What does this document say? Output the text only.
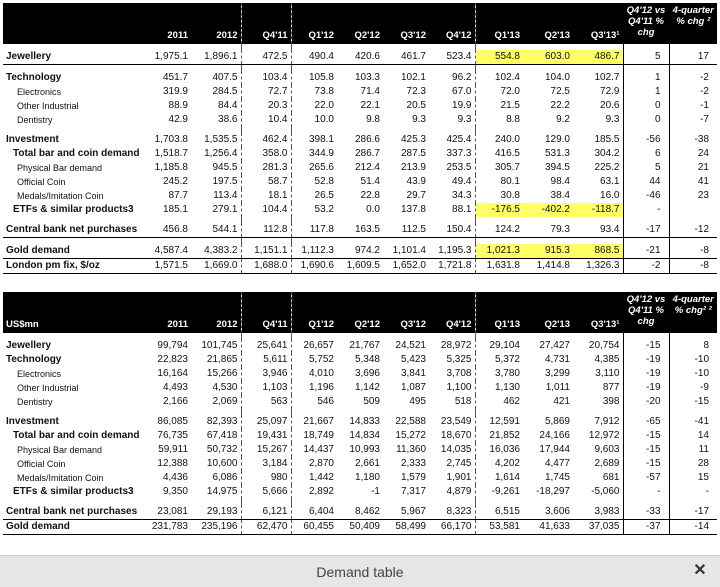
	2011	2012	Q4'11	Q1'12	Q2'12	Q3'12	Q4'12	Q1'13	Q2'13	Q3'13¹	Q4'12 vs Q4'11 % chg	4-quarter % chg ²

Jewellery	1,975.1	1,896.1	472.5	490.4	420.6	461.7	523.4	554.8	603.0	486.7	5	17

Technology	451.7	407.5	103.4	105.8	103.3	102.1	96.2	102.4	104.0	102.7	1	-2
Electronics	319.9	284.5	72.7	73.8	71.4	72.3	67.0	72.0	72.5	72.9	1	-2
Other Industrial	88.9	84.4	20.3	22.0	22.1	20.5	19.9	21.5	22.2	20.6	0	-1
Dentistry	42.9	38.6	10.4	10.0	9.8	9.3	9.3	8.8	9.2	9.3	0	-7

Investment	1,703.8	1,535.5	462.4	398.1	286.6	425.3	425.4	240.0	129.0	185.5	-56	-38
Total bar and coin demand	1,518.7	1,256.4	358.0	344.9	286.7	287.5	337.3	416.5	531.3	304.2	6	24
Physical Bar demand	1,185.8	945.5	281.3	265.6	212.4	213.9	253.5	305.7	394.5	225.2	5	21
Official Coin	245.2	197.5	58.7	52.8	51.4	43.9	49.4	80.1	98.4	63.1	44	41
Medals/Imitation Coin	87.7	113.4	18.1	26.5	22.8	29.7	34.3	30.8	38.4	16.0	-46	23
ETFs & similar products3	185.1	279.1	104.4	53.2	0.0	137.8	88.1	-176.5	-402.2	-118.7	-	

Central bank net purchases	456.8	544.1	112.8	117.8	163.5	112.5	150.4	124.2	79.3	93.4	-17	-12

Gold demand	4,587.4	4,383.2	1,151.1	1,112.3	974.2	1,101.4	1,195.3	1,021.3	915.3	868.5	-21	-8
London pm fix, $/oz	1,571.5	1,669.0	1,688.0	1,690.6	1,609.5	1,652.0	1,721.8	1,631.8	1,414.8	1,326.3	-2	-8
US$mn	2011	2012	Q4'11	Q1'12	Q2'12	Q3'12	Q4'12	Q1'13	Q2'13	Q3'13¹	Q4'12 vs Q4'11 % chg	4-quarter % chg² ²

Jewellery	99,794	101,745	25,641	26,657	21,767	24,521	28,972	29,104	27,427	20,754	-15	8
Technology	22,823	21,865	5,611	5,752	5,348	5,423	5,325	5,372	4,731	4,385	-19	-10
Electronics	16,164	15,266	3,946	4,010	3,696	3,841	3,708	3,780	3,299	3,110	-19	-10
Other Industrial	4,493	4,530	1,103	1,196	1,142	1,087	1,100	1,130	1,011	877	-19	-9
Dentistry	2,166	2,069	563	546	509	495	518	462	421	398	-20	-15

Investment	86,085	82,393	25,097	21,667	14,833	22,588	23,549	12,591	5,869	7,912	-65	-41
Total bar and coin demand	76,735	67,418	19,431	18,749	14,834	15,272	18,670	21,852	24,166	12,972	-15	14
Physical Bar demand	59,911	50,732	15,267	14,437	10,993	11,360	14,035	16,036	17,944	9,603	-15	11
Official Coin	12,388	10,600	3,184	2,870	2,661	2,333	2,745	4,202	4,477	2,689	-15	28
Medals/Imitation Coin	4,436	6,086	980	1,442	1,180	1,579	1,901	1,614	1,745	681	-57	15
ETFs & similar products3	9,350	14,975	5,666	2,892	-1	7,317	4,879	-9,261	-18,297	-5,060	-	-

Central bank net purchases	23,081	29,193	6,121	6,404	8,462	5,967	8,323	6,515	3,606	3,983	-33	-17
Gold demand	231,783	235,196	62,470	60,455	50,409	58,499	66,170	53,581	41,633	37,035	-37	-14
Demand table	✕
